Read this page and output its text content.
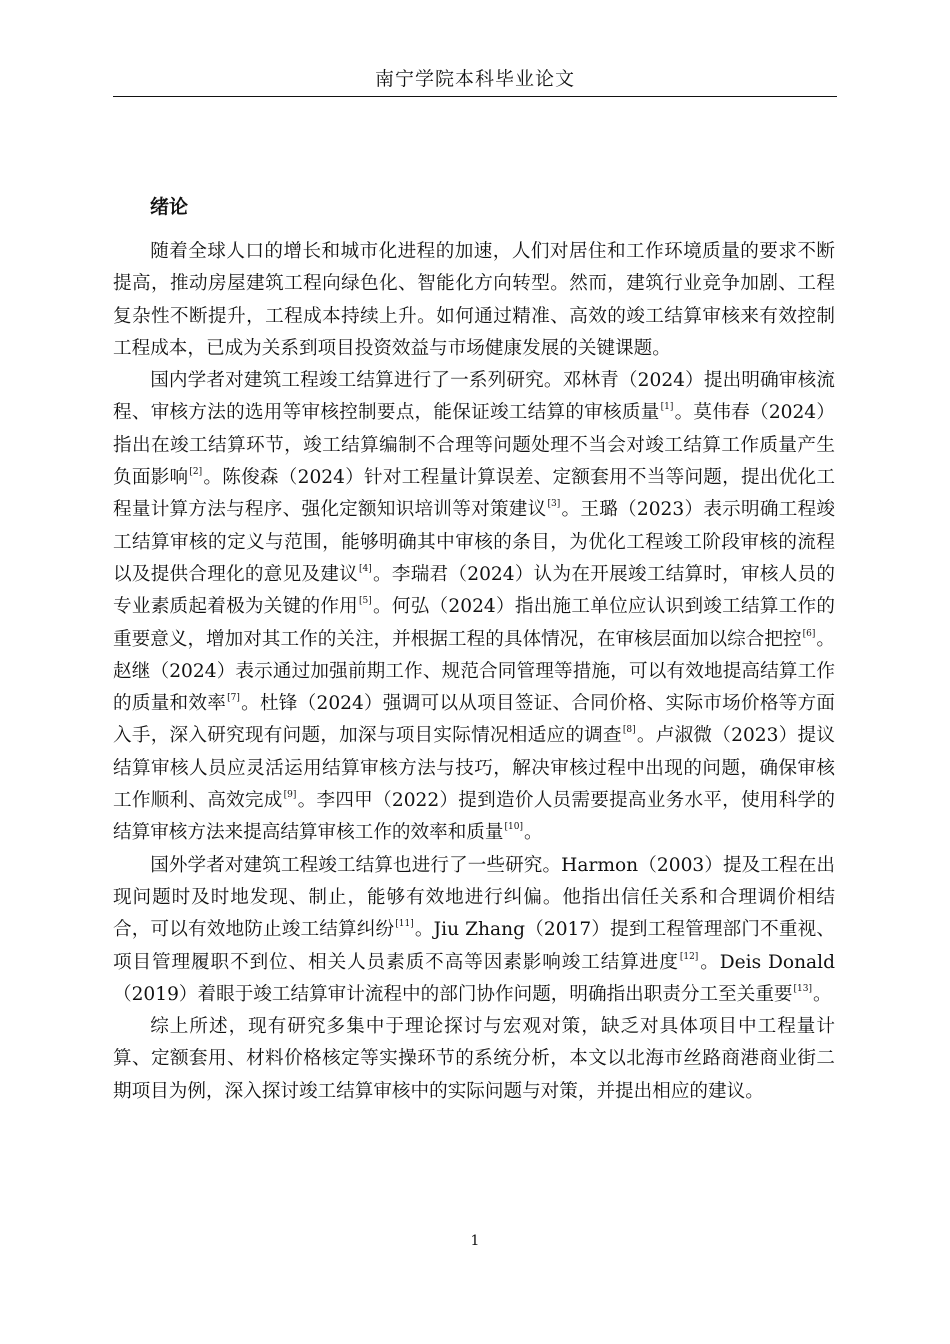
南宁学院本科毕业论文
绪论

随着全球人口的增长和城市化进程的加速，人们对居住和工作环境质量的要求不断提高，推动房屋建筑工程向绿色化、智能化方向转型。然而，建筑行业竞争加剧、工程复杂性不断提升，工程成本持续上升。如何通过精准、高效的竣工结算审核来有效控制工程成本，已成为关系到项目投资效益与市场健康发展的关键课题。

国内学者对建筑工程竣工结算进行了一系列研究。邓林青（2024）提出明确审核流程、审核方法的选用等审核控制要点，能保证竣工结算的审核质量[1]。莫伟春（2024）指出在竣工结算环节，竣工结算编制不合理等问题处理不当会对竣工结算工作质量产生负面影响[2]。陈俊森（2024）针对工程量计算误差、定额套用不当等问题，提出优化工程量计算方法与程序、强化定额知识培训等对策建议[3]。王璐（2023）表示明确工程竣工结算审核的定义与范围，能够明确其中审核的条目，为优化工程竣工阶段审核的流程以及提供合理化的意见及建议[4]。李瑞君（2024）认为在开展竣工结算时，审核人员的专业素质起着极为关键的作用[5]。何弘（2024）指出施工单位应认识到竣工结算工作的重要意义，增加对其工作的关注，并根据工程的具体情况，在审核层面加以综合把控[6]。赵继（2024）表示通过加强前期工作、规范合同管理等措施，可以有效地提高结算工作的质量和效率[7]。杜锋（2024）强调可以从项目签证、合同价格、实际市场价格等方面入手，深入研究现有问题，加深与项目实际情况相适应的调查[8]。卢淑微（2023）提议结算审核人员应灵活运用结算审核方法与技巧，解决审核过程中出现的问题，确保审核工作顺利、高效完成[9]。李四甲（2022）提到造价人员需要提高业务水平，使用科学的结算审核方法来提高结算审核工作的效率和质量[10]。

国外学者对建筑工程竣工结算也进行了一些研究。Harmon（2003）提及工程在出现问题时及时地发现、制止，能够有效地进行纠偏。他指出信任关系和合理调价相结合，可以有效地防止竣工结算纠纷[11]。Jiu Zhang（2017）提到工程管理部门不重视、项目管理履职不到位、相关人员素质不高等因素影响竣工结算进度[12]。Deis Donald（2019）着眼于竣工结算审计流程中的部门协作问题，明确指出职责分工至关重要[13]。

综上所述，现有研究多集中于理论探讨与宏观对策，缺乏对具体项目中工程量计算、定额套用、材料价格核定等实操环节的系统分析，本文以北海市丝路商港商业街二期项目为例，深入探讨竣工结算审核中的实际问题与对策，并提出相应的建议。

1
